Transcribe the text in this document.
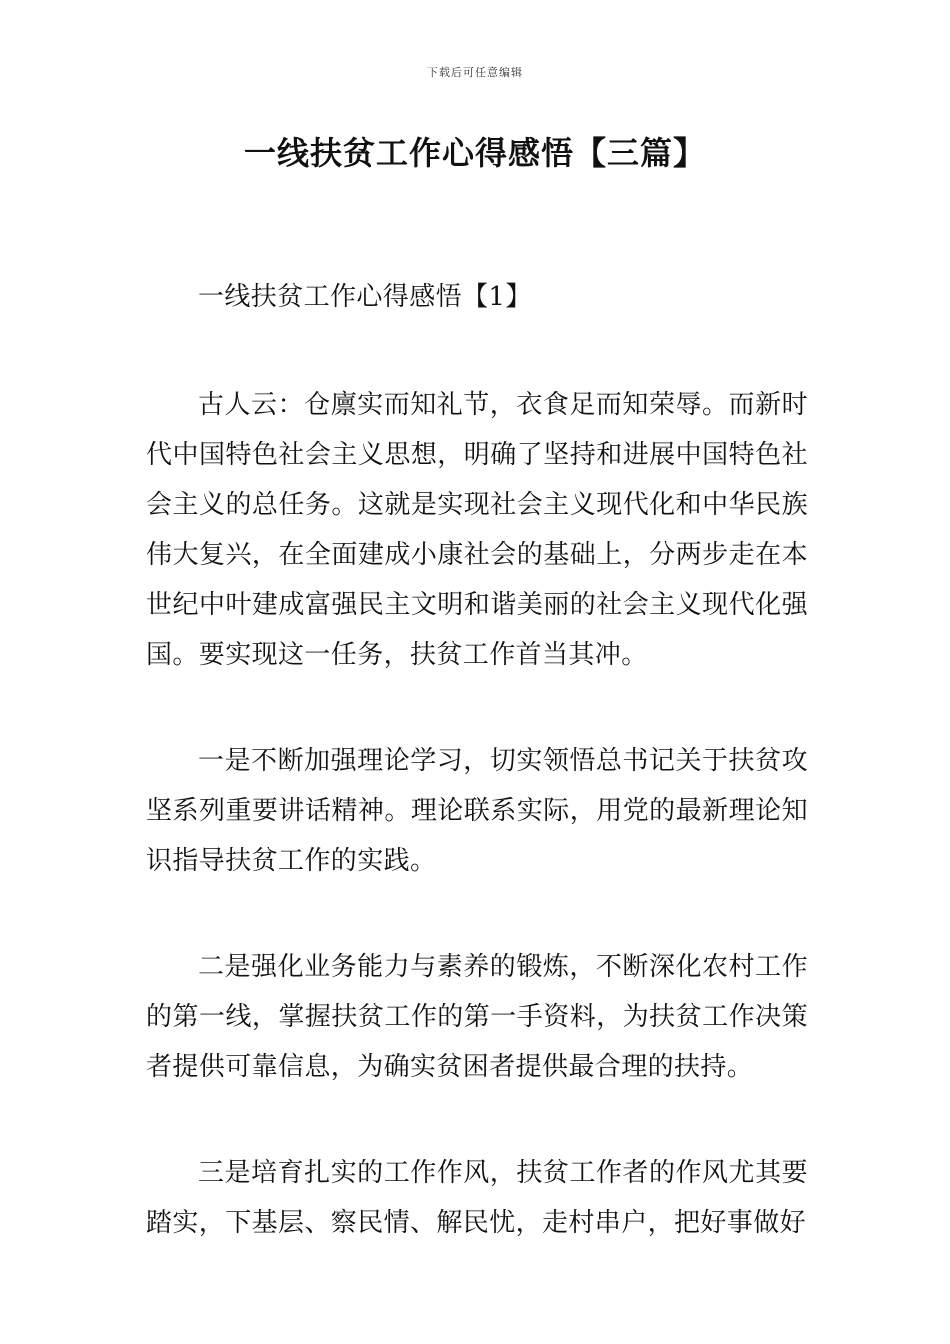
下载后可任意编辑
一线扶贫工作心得感悟【三篇】

一线扶贫工作心得感悟【1】

古人云：仓廪实而知礼节，衣食足而知荣辱。而新时代中国特色社会主义思想，明确了坚持和进展中国特色社会主义的总任务。这就是实现社会主义现代化和中华民族伟大复兴，在全面建成小康社会的基础上，分两步走在本世纪中叶建成富强民主文明和谐美丽的社会主义现代化强国。要实现这一任务，扶贫工作首当其冲。

一是不断加强理论学习，切实领悟总书记关于扶贫攻坚系列重要讲话精神。理论联系实际，用党的最新理论知识指导扶贫工作的实践。

二是强化业务能力与素养的锻炼，不断深化农村工作的第一线，掌握扶贫工作的第一手资料，为扶贫工作决策者提供可靠信息，为确实贫困者提供最合理的扶持。

三是培育扎实的工作作风，扶贫工作者的作风尤其要踏实，下基层、察民情、解民忧，走村串户，把好事做好
